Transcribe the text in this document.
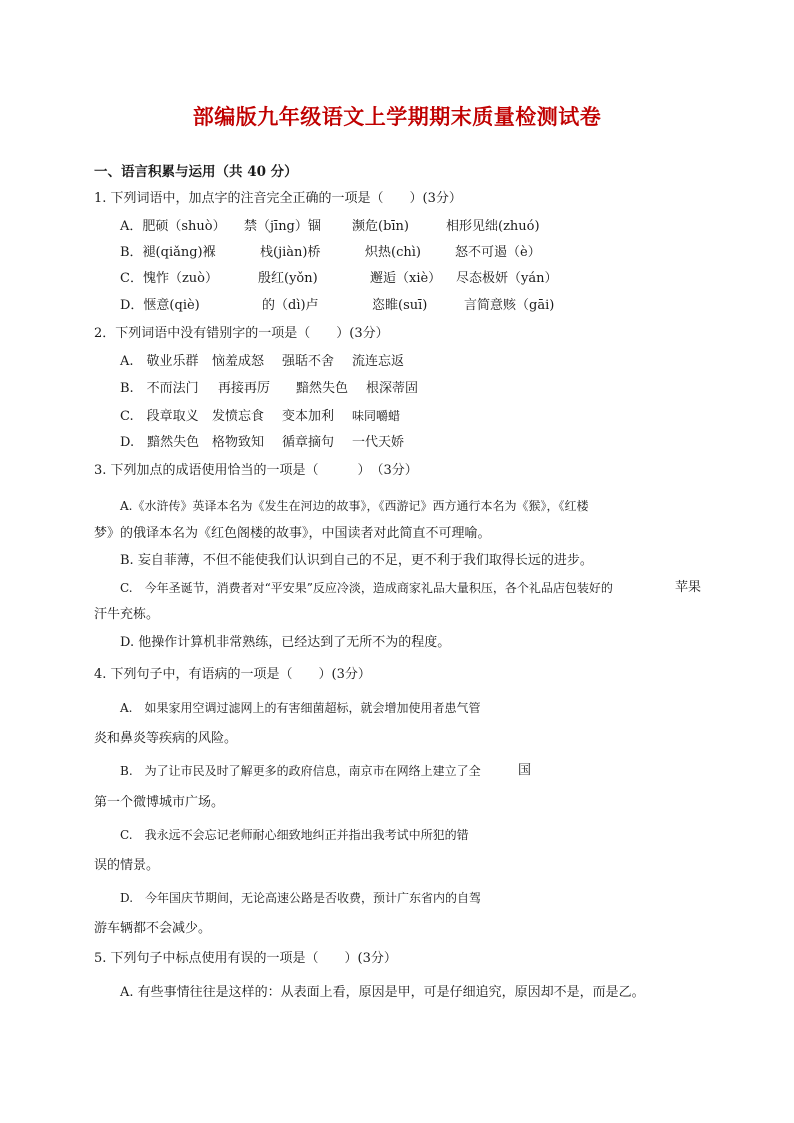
部编版九年级语文上学期期末质量检测试卷
一、语言积累与运用（共 40 分）
1. 下列词语中，加点字的注音完全正确的一项是（　　）(3分）
A．肥硕（shuò） 禁（jīng）锢 濒危(bīn)	相形见绌(zhuó)
B．褪(qiǎng)褓	栈(jiàn)桥	炽热(chì)	怒不可遏（è）
C．愧怍（zuò）	殷红(yǒn)	邂逅（xiè） 尽态极妍（yán）
D．惬意(qiè)	的（dì)卢	恣睢(suī)	言简意赅（gāi)
2．下列词语中没有错别字的一项是（　　）(3分）
A.　敬业乐群 恼羞成怒 强聒不舍 流连忘返
B.　不而法门 再接再厉 黯然失色 根深蒂固
C.　段章取义 发愤忘食 变本加利 味同嚼蜡
D.　黯然失色 格物致知 循章摘句 一代天娇
3. 下列加点的成语使用恰当的一项是（　　　）　（3分）
A.《水浒传》英译本名为《发生在河边的故事》，《西游记》西方通行本名为《猴》，《红楼
梦》的俄译本名为《红色阁楼的故事》，中国读者对此简直不可理喻。
B. 妄自菲薄，不但不能使我们认识到自己的不足，更不利于我们取得长远的进步。
C.　今年圣诞节，消费者对“平安果”反应冷淡，造成商家礼品大量积压，各个礼品店包装好的	苹果
汗牛充栋。
D. 他操作计算机非常熟练，已经达到了无所不为的程度。
4. 下列句子中，有语病的一项是（　　）(3分）
A.　如果家用空调过滤网上的有害细菌超标，就会增加使用者患气管
炎和鼻炎等疾病的风险。
B.　为了让市民及时了解更多的政府信息，南京市在网络上建立了全	国
第一个微博城市广场。
C.　我永远不会忘记老师耐心细致地纠正并指出我考试中所犯的错
误的情景。
D.　今年国庆节期间，无论高速公路是否收费，预计广东省内的自驾
游车辆都不会减少。
5. 下列句子中标点使用有误的一项是（　　）(3分）
A. 有些事情往往是这样的：从表面上看，原因是甲，可是仔细追究，原因却不是，而是乙。
